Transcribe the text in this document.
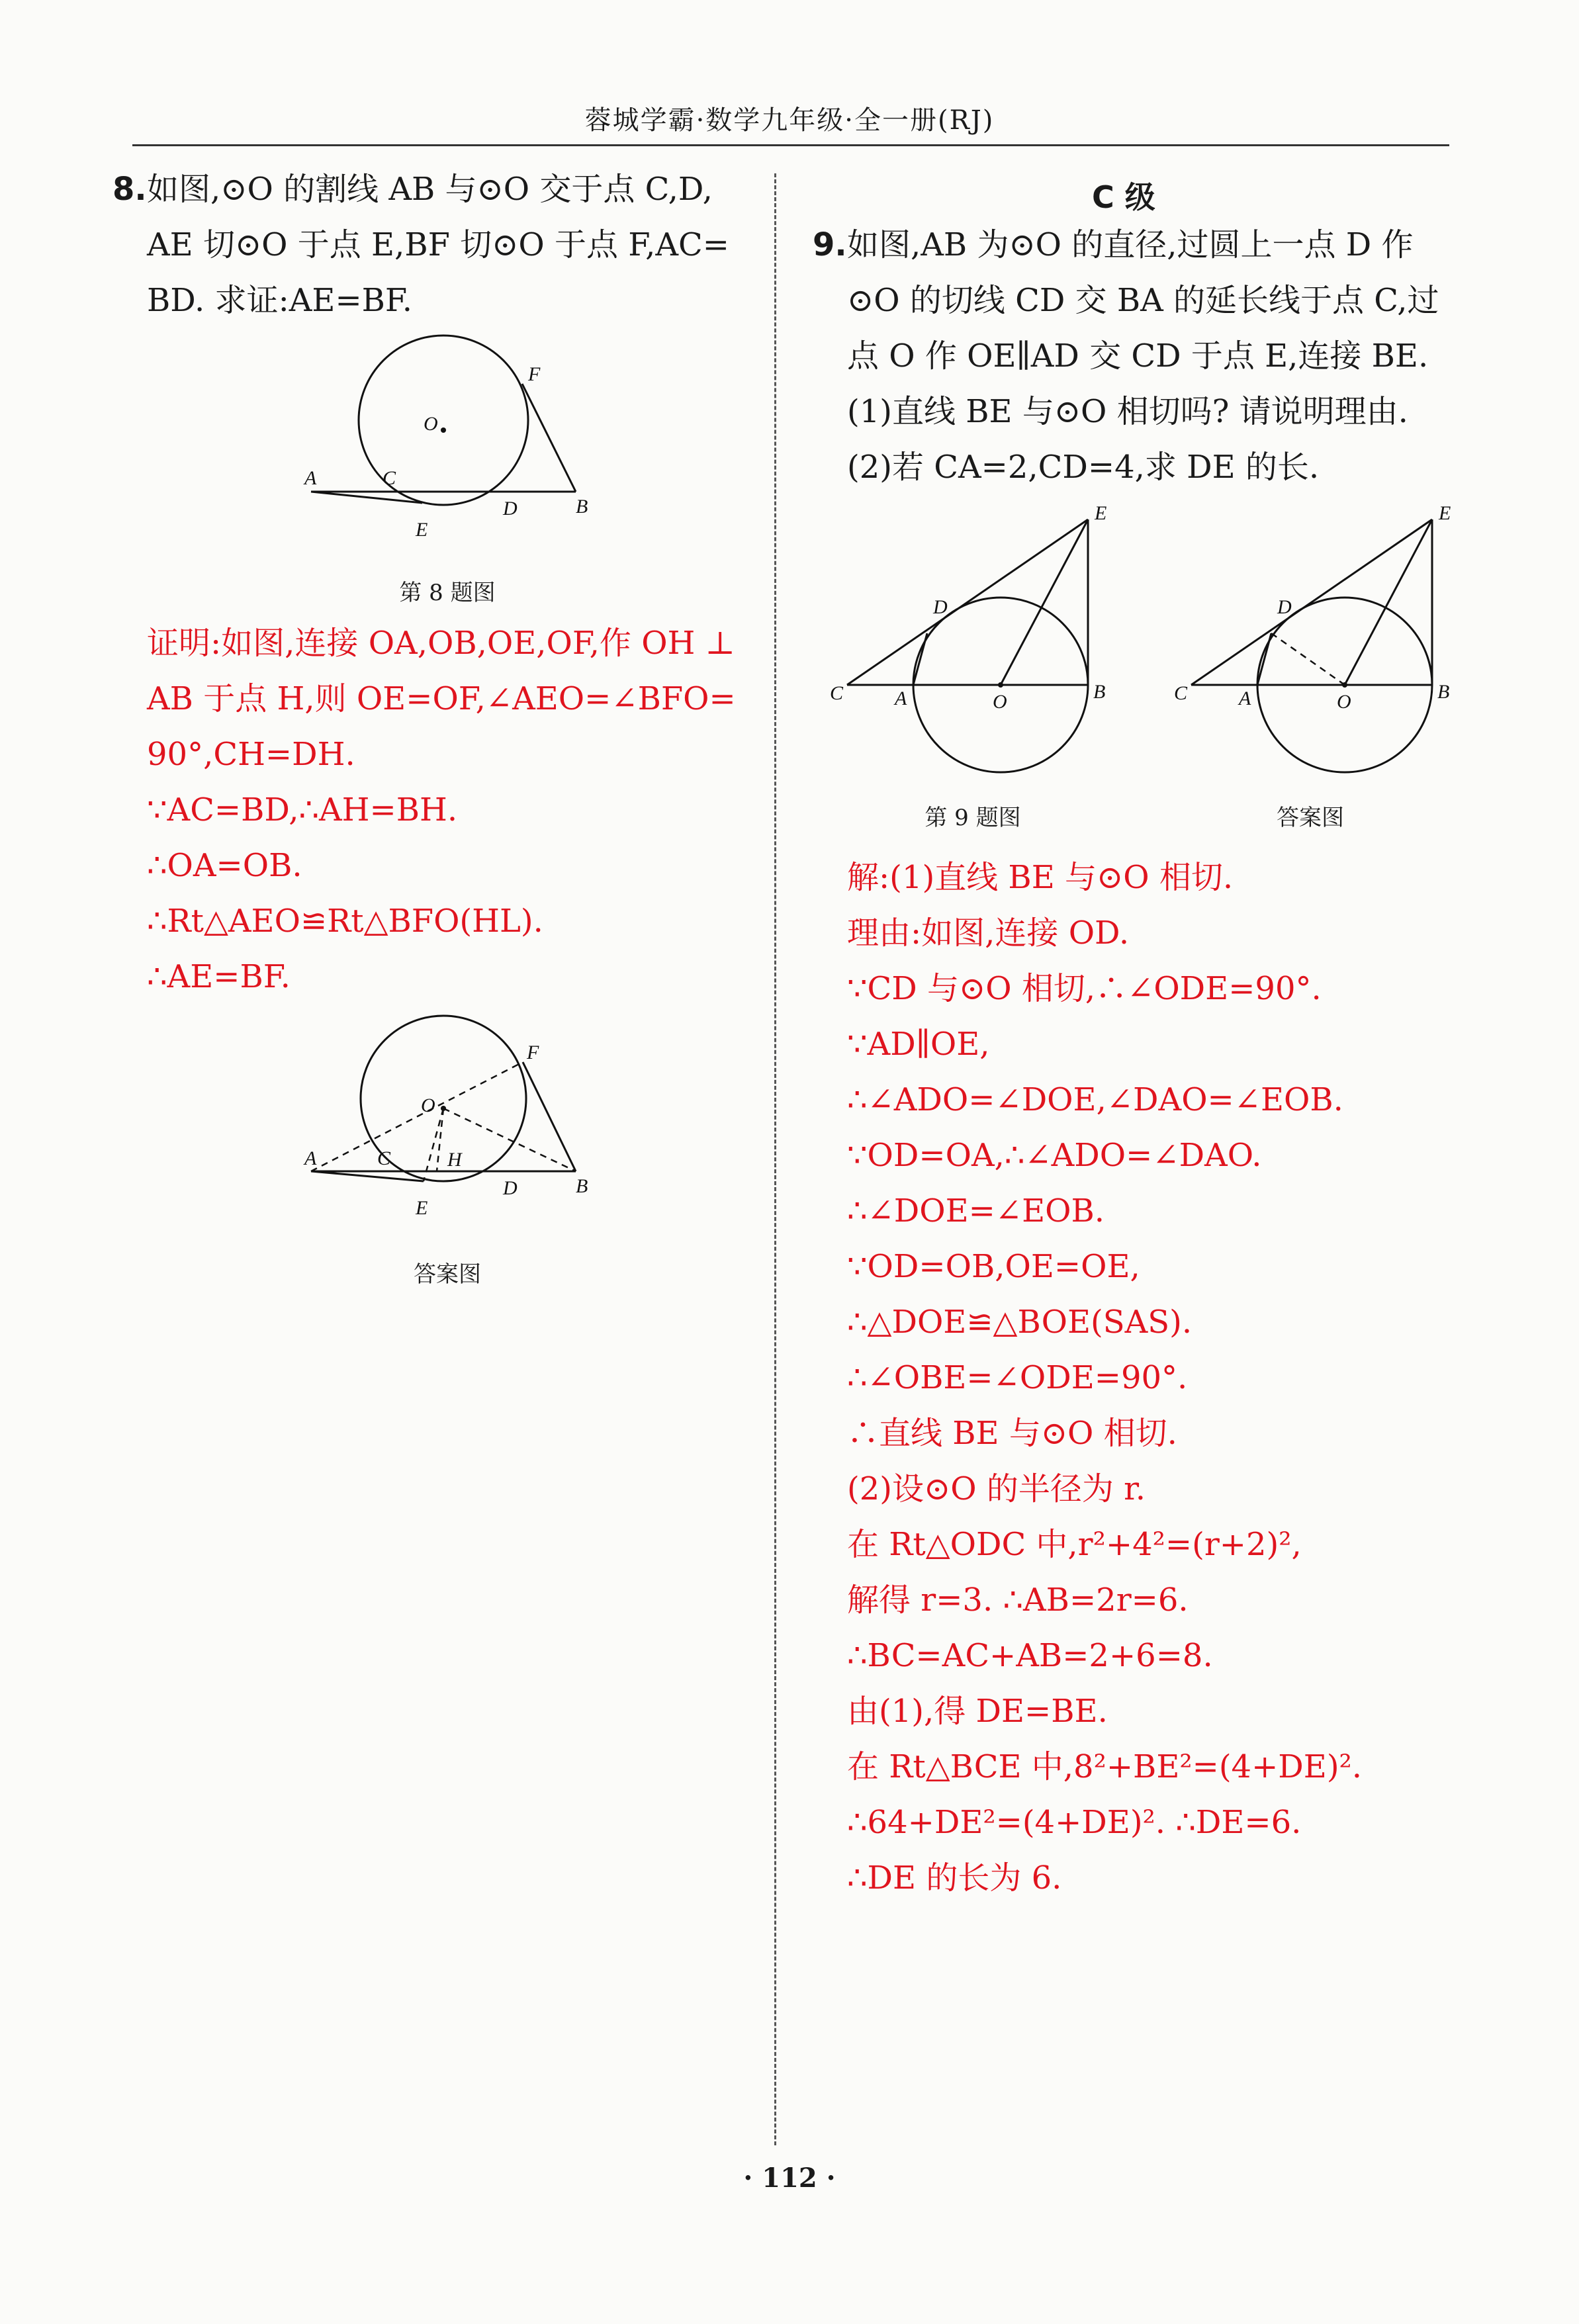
蓉城学霸·数学九年级·全一册(RJ)
8. 如图,⊙O 的割线 AB 与⊙O 交于点 C,D,
AE 切⊙O 于点 E,BF 切⊙O 于点 F,AC=
BD. 求证:AE=BF.
O
A	C
D	B
E
F
第 8 题图
证明:如图,连接 OA,OB,OE,OF,作 OH ⊥
AB 于点 H,则 OE=OF,∠AEO=∠BFO=
90°,CH=DH.
∵AC=BD,∴AH=BH.
∴OA=OB.
∴Rt△AEO≌Rt△BFO(HL).
∴AE=BF.
O
A	C	H
D	B
E
F
答案图
C 级
9. 如图,AB 为⊙O 的直径,过圆上一点 D 作
⊙O 的切线 CD 交 BA 的延长线于点 C,过
点 O 作 OE∥AD 交 CD 于点 E,连接 BE.
(1)直线 BE 与⊙O 相切吗? 请说明理由.
(2)若 CA=2,CD=4,求 DE 的长.
C	A	O	B
D
E
第 9 题图
C	A	O	B
D
E
答案图
解:(1)直线 BE 与⊙O 相切.
理由:如图,连接 OD.
∵CD 与⊙O 相切,∴∠ODE=90°.
∵AD∥OE,
∴∠ADO=∠DOE,∠DAO=∠EOB.
∵OD=OA,∴∠ADO=∠DAO.
∴∠DOE=∠EOB.
∵OD=OB,OE=OE,
∴△DOE≌△BOE(SAS).
∴∠OBE=∠ODE=90°.
∴直线 BE 与⊙O 相切.
(2)设⊙O 的半径为 r.
在 Rt△ODC 中,r²+4²=(r+2)²,
解得 r=3. ∴AB=2r=6.
∴BC=AC+AB=2+6=8.
由(1),得 DE=BE.
在 Rt△BCE 中,8²+BE²=(4+DE)².
∴64+DE²=(4+DE)². ∴DE=6.
∴DE 的长为 6.
· 112 ·
